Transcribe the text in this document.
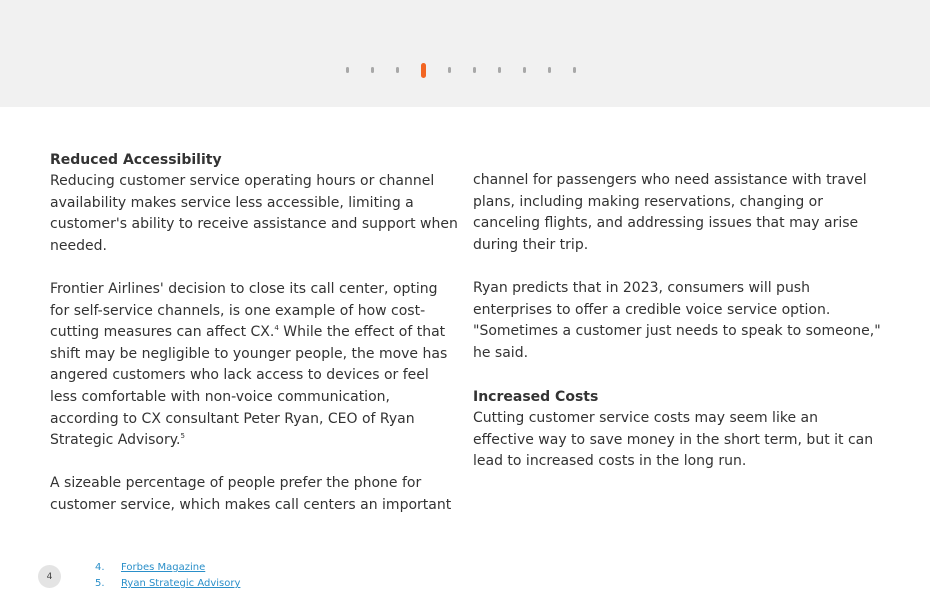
Reduced Accessibility

Reducing customer service operating hours or channel availability makes service less accessible, limiting a customer's ability to receive assistance and support when needed.

Frontier Airlines' decision to close its call center, opting for self-service channels, is one example of how cost-cutting measures can affect CX.$^4$ While the effect of that shift may be negligible to younger people, the move has angered customers who lack access to devices or feel less comfortable with non-voice communication, according to CX consultant Peter Ryan, CEO of Ryan Strategic Advisory.$^5$

A sizeable percentage of people prefer the phone for customer service, which makes call centers an important

channel for passengers who need assistance with travel plans, including making reservations, changing or canceling flights, and addressing issues that may arise during their trip.

Ryan predicts that in 2023, consumers will push enterprises to offer a credible voice service option. "Sometimes a customer just needs to speak to someone," he said.

Increased Costs

Cutting customer service costs may seem like an effective way to save money in the short term, but it can lead to increased costs in the long run.

4
4.	Forbes Magazine
5.	Ryan Strategic Advisory
